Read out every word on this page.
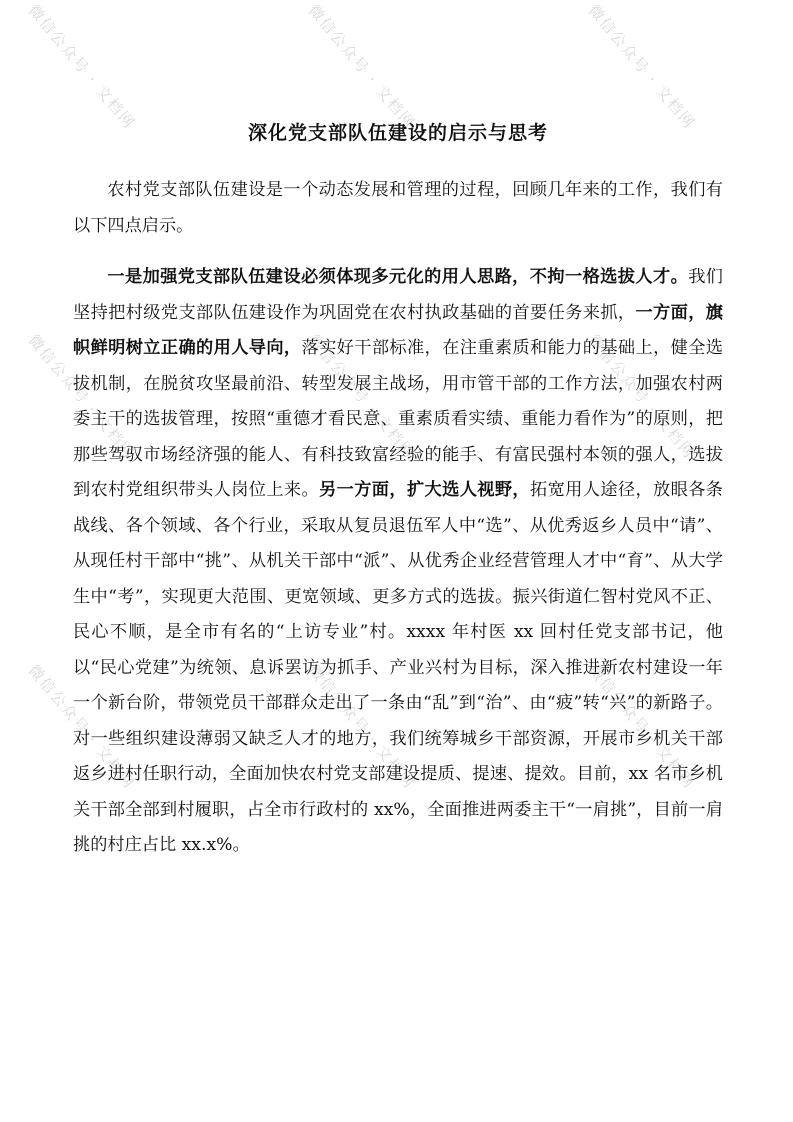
微信公众号 · 文档网	微信公众号 · 文档网	微信公众号 · 文档网
微信公众号 · 文档网	微信公众号 · 文档网	微信公众号 · 文档网
微信公众号 · 文档网	微信公众号 · 文档网	微信公众号 · 文档网
深化党支部队伍建设的启示与思考

农村党支部队伍建设是一个动态发展和管理的过程，回顾几年来的工作，我们有以下四点启示。

一是加强党支部队伍建设必须体现多元化的用人思路，不拘一格选拔人才。我们坚持把村级党支部队伍建设作为巩固党在农村执政基础的首要任务来抓，一方面，旗帜鲜明树立正确的用人导向，落实好干部标准，在注重素质和能力的基础上，健全选拔机制，在脱贫攻坚最前沿、转型发展主战场，用市管干部的工作方法，加强农村两委主干的选拔管理，按照“重德才看民意、重素质看实绩、重能力看作为”的原则，把那些驾驭市场经济强的能人、有科技致富经验的能手、有富民强村本领的强人，选拔到农村党组织带头人岗位上来。另一方面，扩大选人视野，拓宽用人途径，放眼各条战线、各个领域、各个行业，采取从复员退伍军人中“选”、从优秀返乡人员中“请”、从现任村干部中“挑”、从机关干部中“派”、从优秀企业经营管理人才中“育”、从大学生中“考”，实现更大范围、更宽领域、更多方式的选拔。振兴街道仁智村党风不正、民心不顺，是全市有名的“上访专业”村。xxxx 年村医 xx 回村任党支部书记，他以“民心党建”为统领、息诉罢访为抓手、产业兴村为目标，深入推进新农村建设一年一个新台阶，带领党员干部群众走出了一条由“乱”到“治”、由“疲”转“兴”的新路子。对一些组织建设薄弱又缺乏人才的地方，我们统筹城乡干部资源，开展市乡机关干部返乡进村任职行动，全面加快农村党支部建设提质、提速、提效。目前，xx 名市乡机关干部全部到村履职，占全市行政村的 xx%，全面推进两委主干“一肩挑”，目前一肩挑的村庄占比 xx.x%。
